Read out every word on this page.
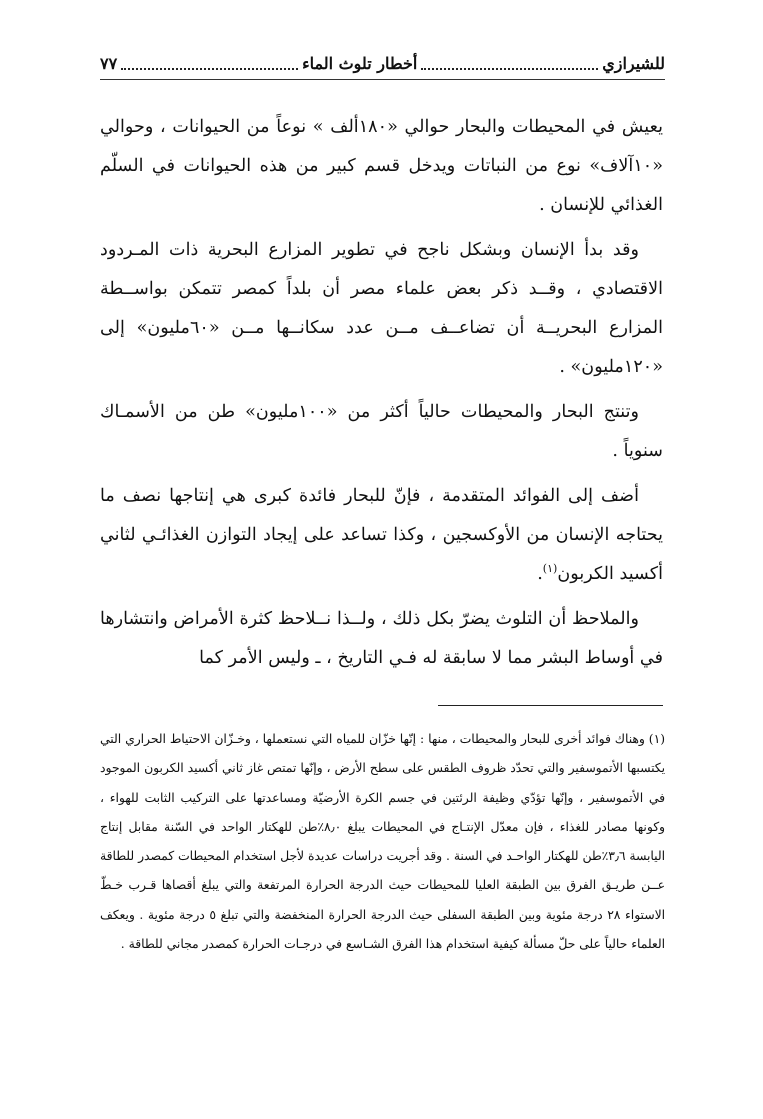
للشيرازي
أخطار تلوث الماء
٧٧

يعيش في المحيطات والبحار حوالي «١٨٠ألف » نوعاً من الحيوانات ، وحوالي «١٠آلاف» نوع من النباتات ويدخل قسم كبير من هذه الحيوانات في السلّم الغذائي للإنسان .

وقد بدأ الإنسان وبشكل ناجح في تطوير المزارع البحرية ذات المـردود الاقتصادي ، وقــد ذكر بعض علماء مصر أن بلداً كمصر تتمكن بواســطة المزارع البحريــة أن تضاعــف مــن عدد سكانــها مــن «٦٠مليون» إلى «١٢٠مليون» .

وتنتج البحار والمحيطات حالياً أكثر من «١٠٠مليون» طن من الأسمـاك سنوياً .

أضف إلى الفوائد المتقدمة ، فإنّ للبحار فائدة كبرى هي إنتاجها نصف ما يحتاجه الإنسان من الأوكسجين ، وكذا تساعد على إيجاد التوازن الغذائـي لثاني أكسيد الكربون$^{(١)}$.

والملاحظ أن التلوث يضرّ بكل ذلك ، ولــذا نــلاحظ كثرة الأمراض وانتشارها في أوساط البشر مما لا سابقة له فـي التاريخ ، ـ وليس الأمر كما

(١) وهناك فوائد أخرى للبحار والمحيطات ، منها : إنّها خزّان للمياه التي نستعملها ، وخـزّان الاحتياط الحراري التي يكتسبها الأتموسفير والتي تحدّد ظروف الطقس على سطح الأرض ، وإنّها تمتص غاز ثاني أكسيد الكربون الموجود في الأتموسفير ، وإنّها تؤدّي وظيفة الرئتين في جسم الكرة الأرضيّة ومساعدتها على التركيب الثابت للهواء ، وكونها مصادر للغذاء ، فإن معدّل الإنتـاج في المحيطات يبلغ ٨٫٠٪طن للهكتار الواحد في السّنة مقابل إنتاج اليابسة ٣٫٦٪طن للهكتار الواحـد في السنة . وقد أجريت دراسات عديدة لأجل استخدام المحيطات كمصدر للطاقة عــن طريـق الفرق بين الطبقة العليا للمحيطات حيث الدرجة الحرارة المرتفعة والتي يبلغ أقصاها قـرب خـطّ الاستواء ٢٨ درجة مئوية وبين الطبقة السفلى حيث الدرجة الحرارة المنخفضة والتي تبلغ ٥ درجة مئوية . ويعكف العلماء حالياً على حلّ مسألة كيفية استخدام هذا الفرق الشـاسع في درجـات الحرارة كمصدر مجاني للطاقة .
